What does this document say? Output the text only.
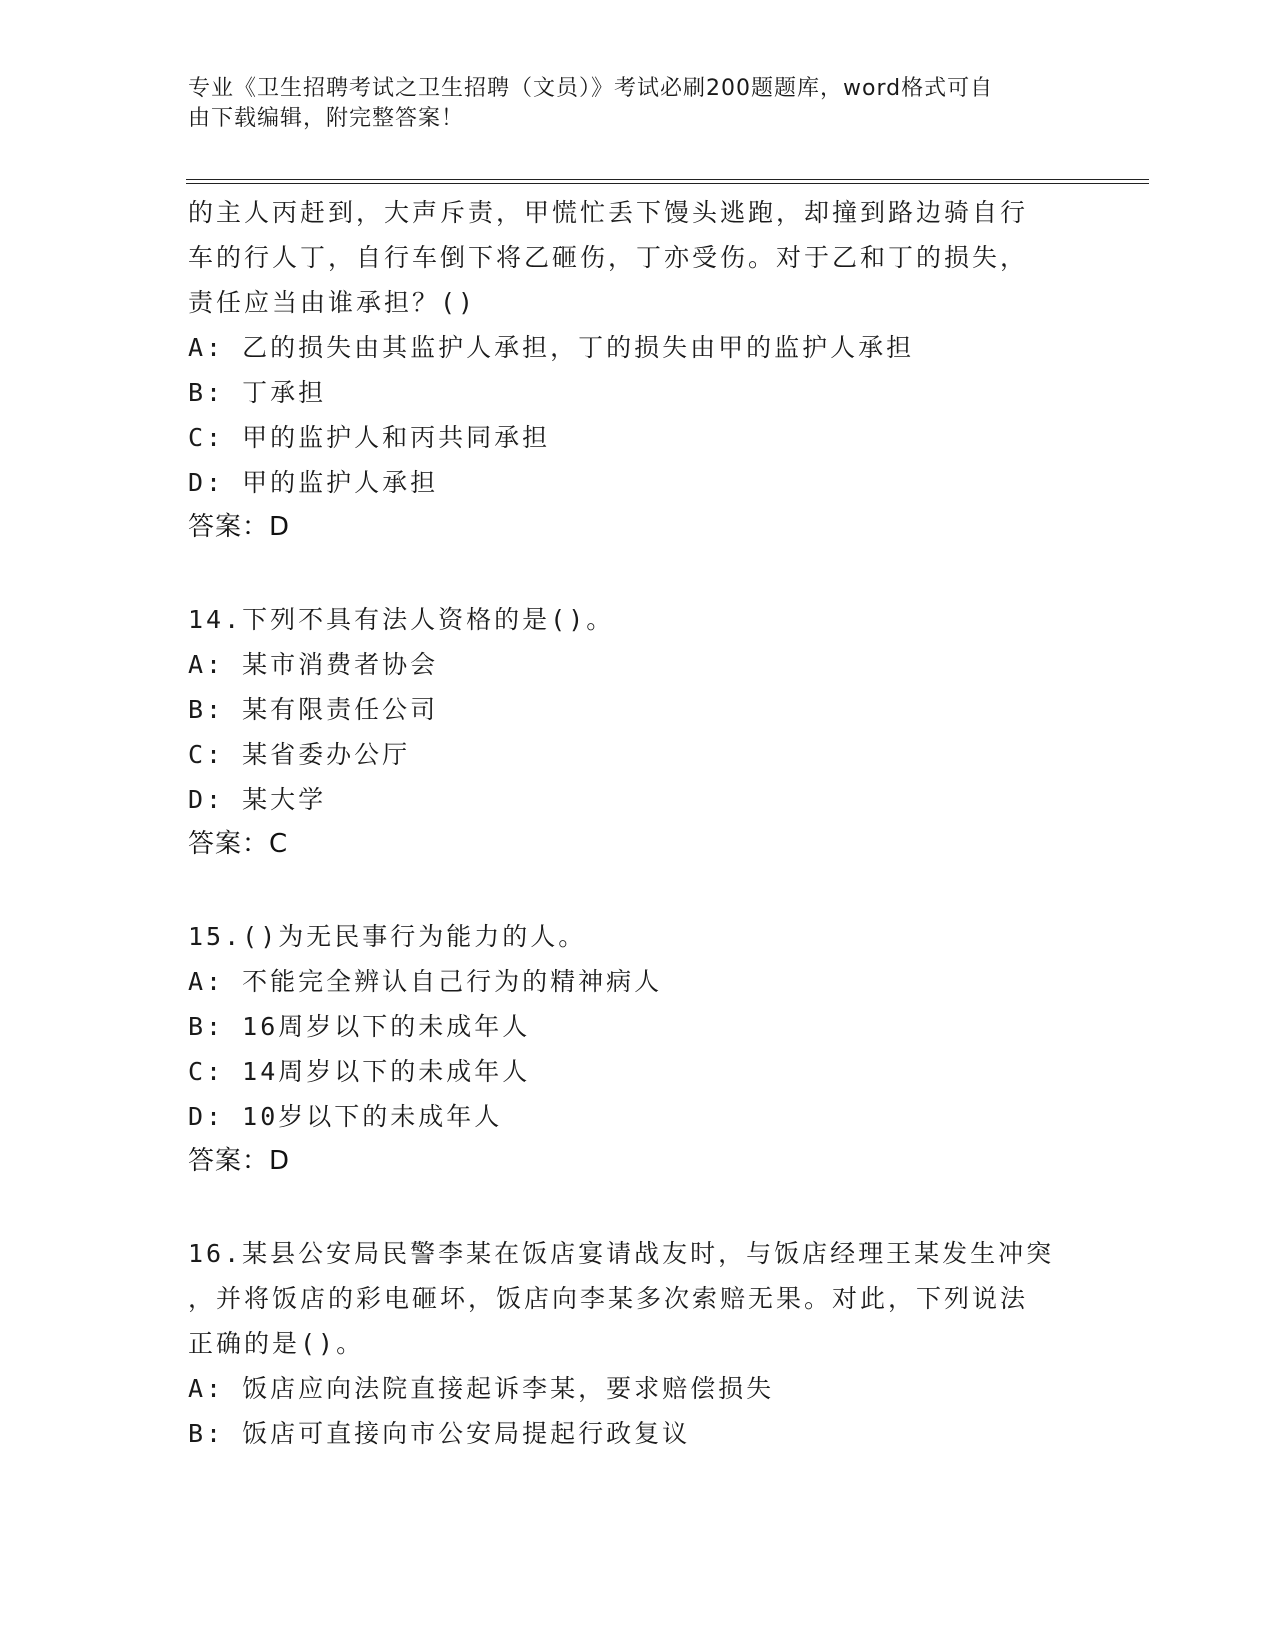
专业《卫生招聘考试之卫生招聘（文员）》考试必刷200题题库，word格式可自
由下载编辑，附完整答案！
的主人丙赶到，大声斥责，甲慌忙丢下馒头逃跑，却撞到路边骑自行
车的行人丁，自行车倒下将乙砸伤，丁亦受伤。对于乙和丁的损失，
责任应当由谁承担？()
A: 乙的损失由其监护人承担，丁的损失由甲的监护人承担
B: 丁承担
C: 甲的监护人和丙共同承担
D: 甲的监护人承担
答案：D
14.下列不具有法人资格的是()。
A: 某市消费者协会
B: 某有限责任公司
C: 某省委办公厅
D: 某大学
答案：C
15.()为无民事行为能力的人。
A: 不能完全辨认自己行为的精神病人
B: 16周岁以下的未成年人
C: 14周岁以下的未成年人
D: 10岁以下的未成年人
答案：D
16.某县公安局民警李某在饭店宴请战友时，与饭店经理王某发生冲突
，并将饭店的彩电砸坏，饭店向李某多次索赔无果。对此，下列说法
正确的是()。
A: 饭店应向法院直接起诉李某，要求赔偿损失
B: 饭店可直接向市公安局提起行政复议
